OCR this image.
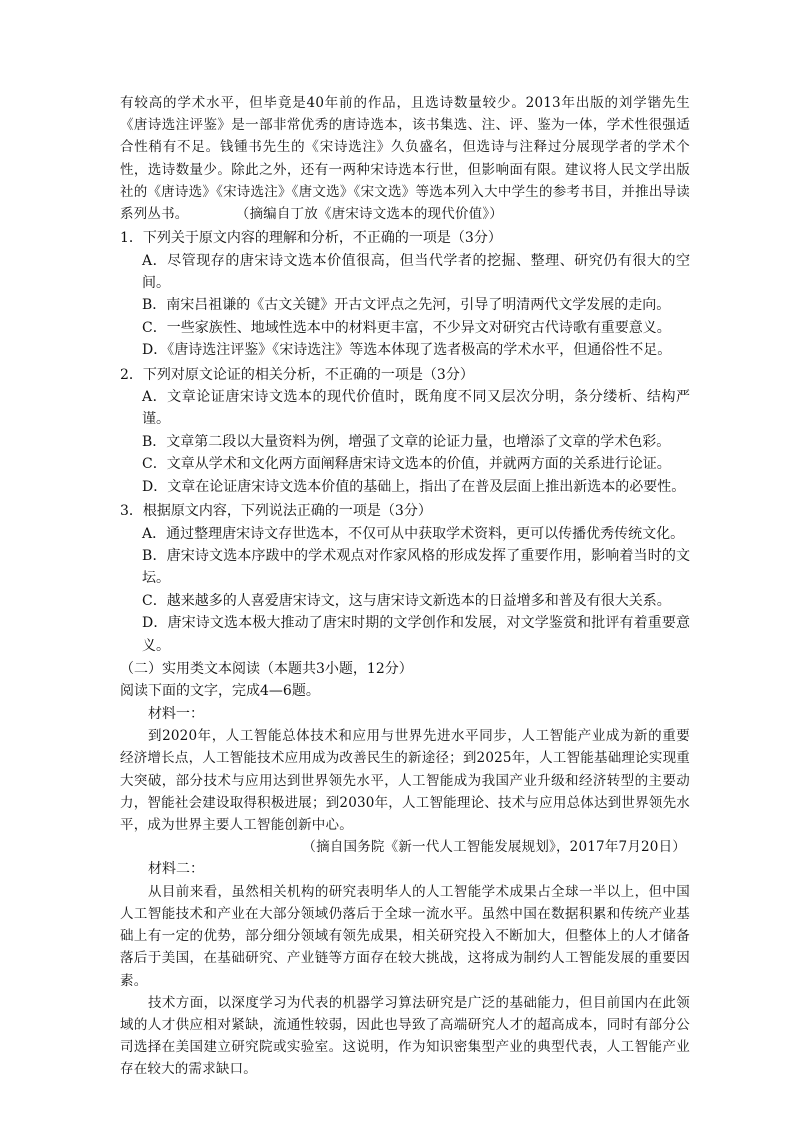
有较高的学术水平，但毕竟是40年前的作品，且选诗数量较少。2013年出版的刘学锴先生《唐诗选注评鉴》是一部非常优秀的唐诗选本，该书集选、注、评、鉴为一体，学术性很强适合性稍有不足。钱锺书先生的《宋诗选注》久负盛名，但选诗与注释过分展现学者的学术个性，选诗数量少。除此之外，还有一两种宋诗选本行世，但影响面有限。建议将人民文学出版社的《唐诗选》《宋诗选注》《唐文选》《宋文选》等选本列入大中学生的参考书目，并推出导读系列丛书。	（摘编自丁放《唐宋诗文选本的现代价值》）

1．下列关于原文内容的理解和分析，不正确的一项是（3分）

A．尽管现存的唐宋诗文选本价值很高，但当代学者的挖掘、整理、研究仍有很大的空间。

B．南宋吕祖谦的《古文关键》开古文评点之先河，引导了明清两代文学发展的走向。

C．一些家族性、地域性选本中的材料更丰富，不少异文对研究古代诗歌有重要意义。

D．《唐诗选注评鉴》《宋诗选注》等选本体现了选者极高的学术水平，但通俗性不足。

2．下列对原文论证的相关分析，不正确的一项是（3分）

A．文章论证唐宋诗文选本的现代价值时，既角度不同又层次分明，条分缕析、结构严谨。

B．文章第二段以大量资料为例，增强了文章的论证力量，也增添了文章的学术色彩。

C．文章从学术和文化两方面阐释唐宋诗文选本的价值，并就两方面的关系进行论证。

D．文章在论证唐宋诗文选本价值的基础上，指出了在普及层面上推出新选本的必要性。

3．根据原文内容，下列说法正确的一项是（3分）

A．通过整理唐宋诗文存世选本，不仅可从中获取学术资料，更可以传播优秀传统文化。

B．唐宋诗文选本序跋中的学术观点对作家风格的形成发挥了重要作用，影响着当时的文坛。

C．越来越多的人喜爱唐宋诗文，这与唐宋诗文新选本的日益增多和普及有很大关系。

D．唐宋诗文选本极大推动了唐宋时期的文学创作和发展，对文学鉴赏和批评有着重要意义。

（二）实用类文本阅读（本题共3小题，12分）

阅读下面的文字，完成4—6题。

材料一：

到2020年，人工智能总体技术和应用与世界先进水平同步，人工智能产业成为新的重要经济增长点，人工智能技术应用成为改善民生的新途径；到2025年，人工智能基础理论实现重大突破，部分技术与应用达到世界领先水平，人工智能成为我国产业升级和经济转型的主要动力，智能社会建设取得积极进展；到2030年，人工智能理论、技术与应用总体达到世界领先水平，成为世界主要人工智能创新中心。

（摘自国务院《新一代人工智能发展规划》，2017年7月20日）

材料二：

从目前来看，虽然相关机构的研究表明华人的人工智能学术成果占全球一半以上，但中国人工智能技术和产业在大部分领域仍落后于全球一流水平。虽然中国在数据积累和传统产业基础上有一定的优势，部分细分领域有领先成果，相关研究投入不断加大，但整体上的人才储备落后于美国，在基础研究、产业链等方面存在较大挑战，这将成为制约人工智能发展的重要因素。

技术方面，以深度学习为代表的机器学习算法研究是广泛的基础能力，但目前国内在此领域的人才供应相对紧缺，流通性较弱，因此也导致了高端研究人才的超高成本，同时有部分公司选择在美国建立研究院或实验室。这说明，作为知识密集型产业的典型代表，人工智能产业存在较大的需求缺口。
